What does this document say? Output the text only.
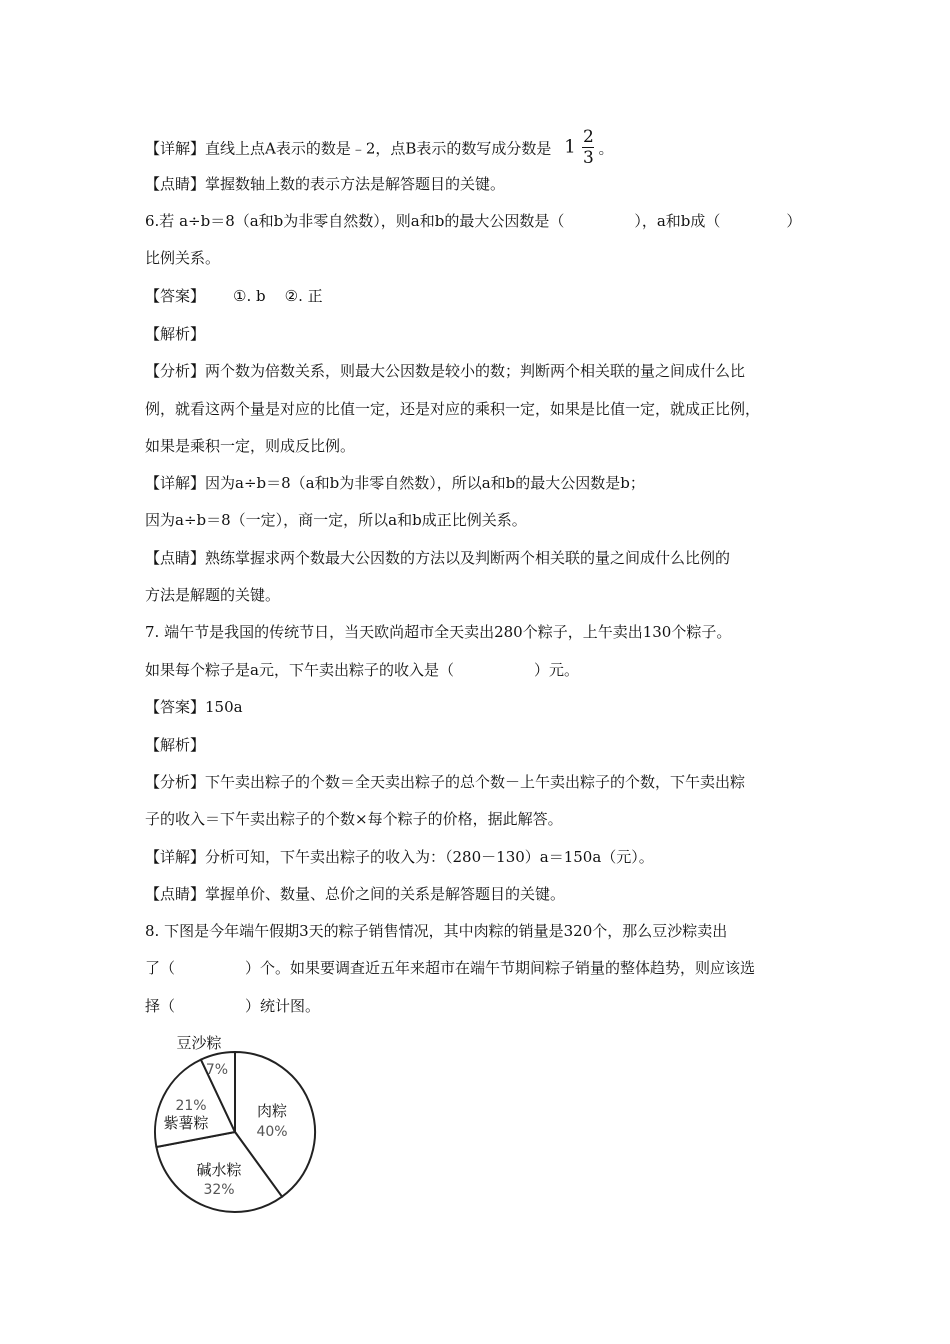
【详解】直线上点A表示的数是﹣2，点B表示的数写成分数是 $1 \frac{2}{3}$ 。
【点睛】掌握数轴上数的表示方法是解答题目的关键。
6.若 a÷b＝8（a和b为非零自然数），则a和b的最大公因数是（	），a和b成（	）
比例关系。
【答案】 ①. b    ②. 正
【解析】
【分析】两个数为倍数关系，则最大公因数是较小的数；判断两个相关联的量之间成什么比
例，就看这两个量是对应的比值一定，还是对应的乘积一定，如果是比值一定，就成正比例，
如果是乘积一定，则成反比例。
【详解】因为a÷b＝8（a和b为非零自然数），所以a和b的最大公因数是b；
因为a÷b＝8（一定），商一定，所以a和b成正比例关系。
【点睛】熟练掌握求两个数最大公因数的方法以及判断两个相关联的量之间成什么比例的
方法是解题的关键。
7. 端午节是我国的传统节日，当天欧尚超市全天卖出280个粽子，上午卖出130个粽子。
如果每个粽子是a元，下午卖出粽子的收入是（	）元。
【答案】150a
【解析】
【分析】下午卖出粽子的个数＝全天卖出粽子的总个数－上午卖出粽子的个数，下午卖出粽
子的收入＝下午卖出粽子的个数×每个粽子的价格，据此解答。
【详解】分析可知，下午卖出粽子的收入为：（280－130）a＝150a（元）。
【点睛】掌握单价、数量、总价之间的关系是解答题目的关键。
8. 下图是今年端午假期3天的粽子销售情况，其中肉粽的销量是320个，那么豆沙粽卖出
了（	）个。如果要调查近五年来超市在端午节期间粽子销量的整体趋势，则应该选
择（	）统计图。
肉粽
40%
碱水粽
32%
紫薯粽
21%
豆沙粽
7%
